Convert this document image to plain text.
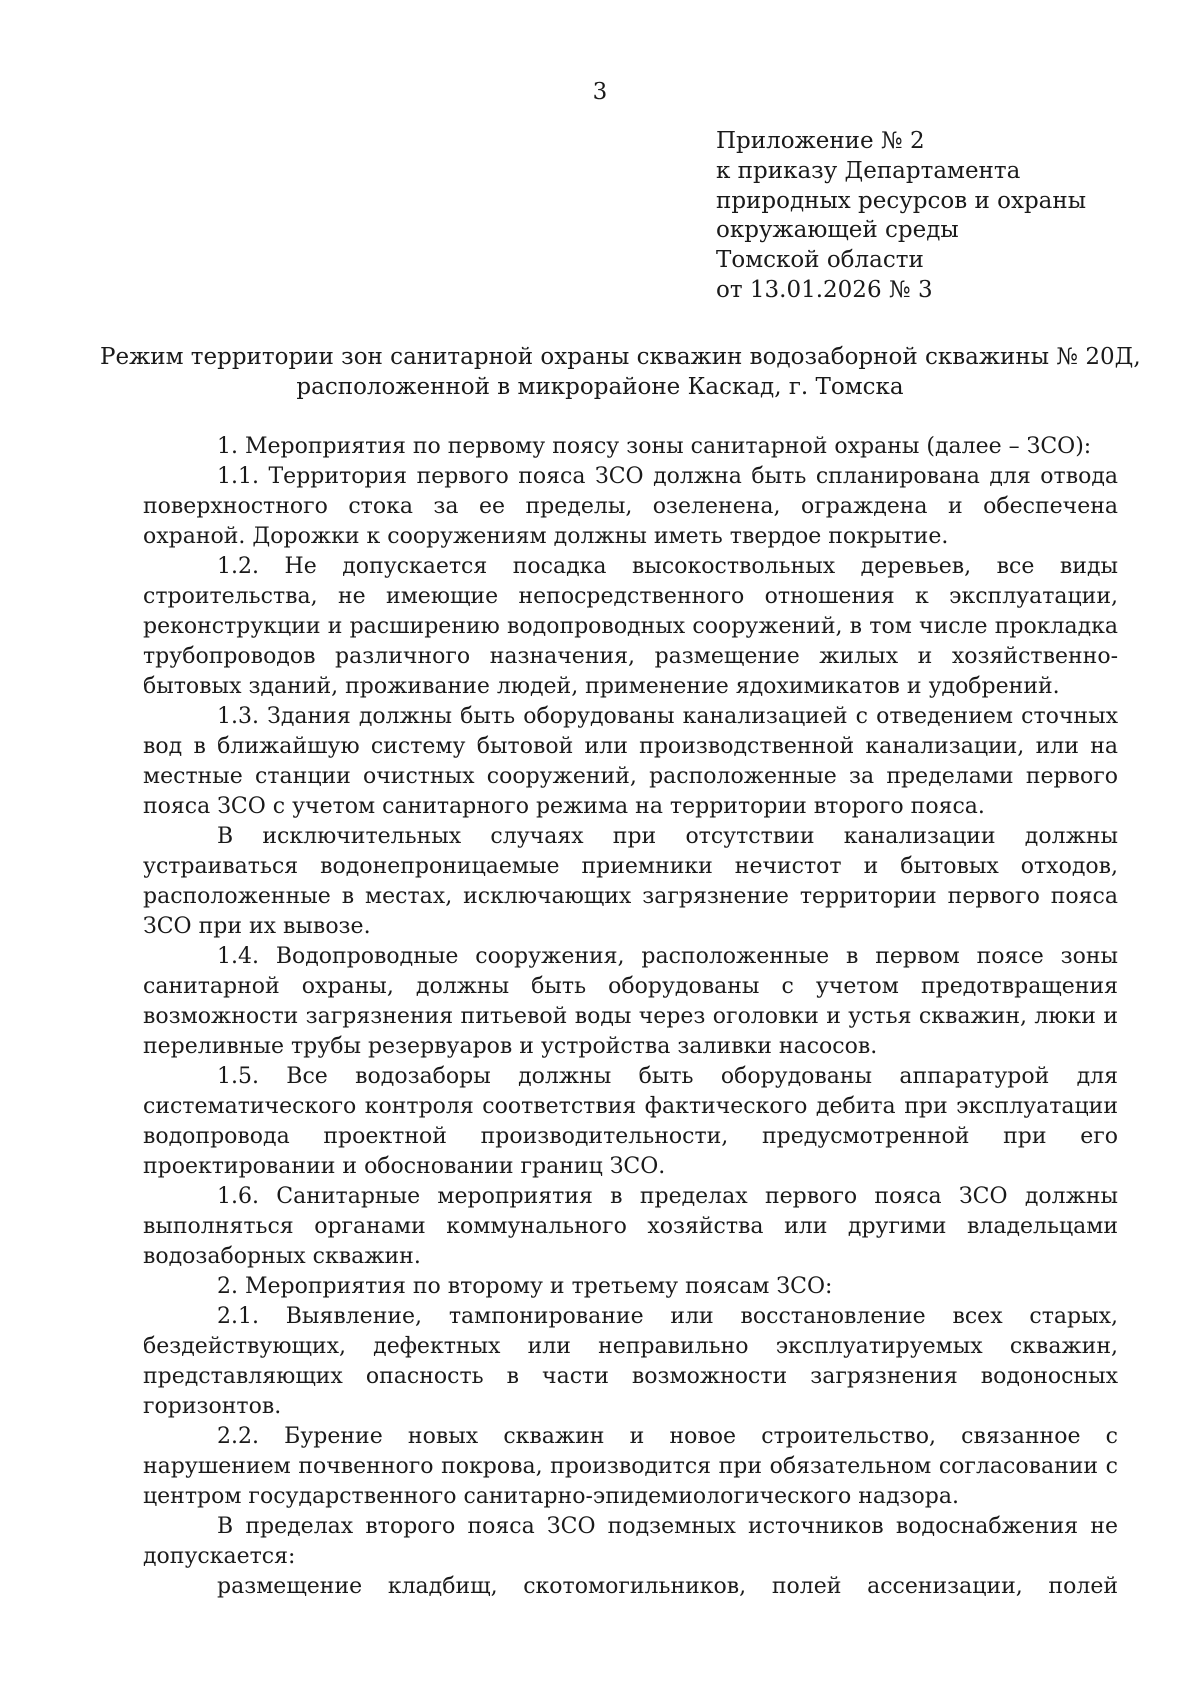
3
Приложение № 2
к приказу Департамента
природных ресурсов и охраны
окружающей среды
Томской области
от 13.01.2026 № 3
Режим территории зон санитарной охраны скважин водозаборной скважины № 20Д,
расположенной в микрорайоне Каскад, г. Томска

1. Мероприятия по первому поясу зоны санитарной охраны (далее – ЗСО):

1.1. Территория первого пояса ЗСО должна быть спланирована для отвода поверхностного стока за ее пределы, озеленена, ограждена и обеспечена охраной. Дорожки к сооружениям должны иметь твердое покрытие.

1.2. Не допускается посадка высокоствольных деревьев, все виды строительства, не имеющие непосредственного отношения к эксплуатации, реконструкции и расширению водопроводных сооружений, в том числе прокладка трубопроводов различного назначения, размещение жилых и хозяйственно-бытовых зданий, проживание людей, применение ядохимикатов и удобрений.

1.3. Здания должны быть оборудованы канализацией с отведением сточных вод в ближайшую систему бытовой или производственной канализации, или на местные станции очистных сооружений, расположенные за пределами первого пояса ЗСО с учетом санитарного режима на территории второго пояса.

В исключительных случаях при отсутствии канализации должны устраиваться водонепроницаемые приемники нечистот и бытовых отходов, расположенные в местах, исключающих загрязнение территории первого пояса ЗСО при их вывозе.

1.4. Водопроводные сооружения, расположенные в первом поясе зоны санитарной охраны, должны быть оборудованы с учетом предотвращения возможности загрязнения питьевой воды через оголовки и устья скважин, люки и переливные трубы резервуаров и устройства заливки насосов.

1.5. Все водозаборы должны быть оборудованы аппаратурой для систематического контроля соответствия фактического дебита при эксплуатации водопровода проектной производительности, предусмотренной при его проектировании и обосновании границ ЗСО.

1.6. Санитарные мероприятия в пределах первого пояса ЗСО должны выполняться органами коммунального хозяйства или другими владельцами водозаборных скважин.

2. Мероприятия по второму и третьему поясам ЗСО:

2.1. Выявление, тампонирование или восстановление всех старых, бездействующих, дефектных или неправильно эксплуатируемых скважин, представляющих опасность в части возможности загрязнения водоносных горизонтов.

2.2. Бурение новых скважин и новое строительство, связанное с нарушением почвенного покрова, производится при обязательном согласовании с центром государственного санитарно-эпидемиологического надзора.

В пределах второго пояса ЗСО подземных источников водоснабжения не допускается:

размещение кладбищ, скотомогильников, полей ассенизации, полей
